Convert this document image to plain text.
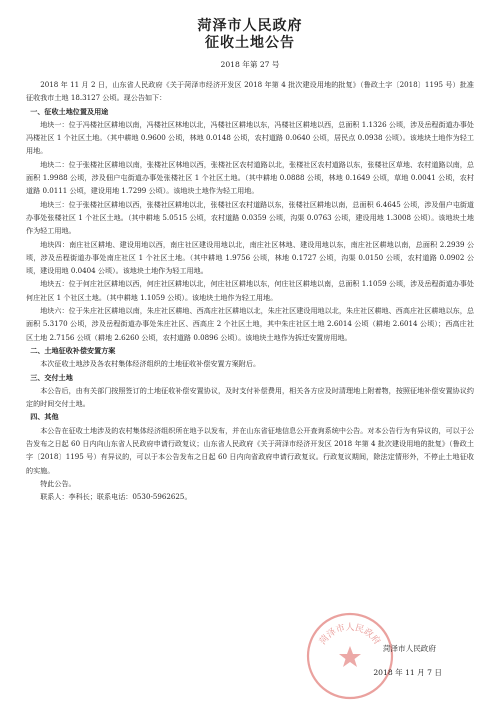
菏泽市人民政府
征收土地公告
2018 年第 27 号

2018 年 11 月 2 日，山东省人民政府《关于菏泽市经济开发区 2018 年第 4 批次建设用地的批复》（鲁政土字〔2018〕1195 号）批准征收我市土地 18.3127 公顷。现公告如下：

一、征收土地位置及用途

地块一：位于冯楼社区耕地以南，冯楼社区林地以北，冯楼社区耕地以东，冯楼社区耕地以西，总面积 1.1326 公顷，涉及岳程街道办事处冯楼社区 1 个社区土地。（其中耕地 0.9600 公顷，林地 0.0148 公顷，农村道路 0.0640 公顷，居民点 0.0938 公顷）。该地块土地作为轻工用地。

地块二：位于张楼社区耕地以南，张楼社区林地以西，张楼社区农村道路以北，张楼社区农村道路以东，张楼社区草地、农村道路以南，总面积 1.9988 公顷，涉及佃户屯街道办事处张楼社区 1 个社区土地。（其中耕地 0.0888 公顷，林地 0.1649 公顷，草地 0.0041 公顷，农村道路 0.0111 公顷，建设用地 1.7299 公顷）。该地块土地作为轻工用地。

地块三：位于张楼社区耕地以西，张楼社区耕地以北，张楼社区农村道路以东，张楼社区耕地以南，总面积 6.4645 公顷，涉及佃户屯街道办事处张楼社区 1 个社区土地。（其中耕地 5.0515 公顷，农村道路 0.0359 公顷，沟渠 0.0763 公顷，建设用地 1.3008 公顷）。该地块土地作为轻工用地。

地块四：南庄社区耕地、建设用地以西，南庄社区建设用地以北，南庄社区林地、建设用地以东，南庄社区耕地以南，总面积 2.2939 公顷，涉及岳程街道办事处南庄社区 1 个社区土地。（其中耕地 1.9756 公顷，林地 0.1727 公顷，沟渠 0.0150 公顷，农村道路 0.0902 公顷，建设用地 0.0404 公顷）。该地块土地作为轻工用地。

地块五：位于何庄社区耕地以西，何庄社区耕地以北，何庄社区耕地以东，何庄社区耕地以南，总面积 1.1059 公顷，涉及岳程街道办事处何庄社区 1 个社区土地。（其中耕地 1.1059 公顷）。该地块土地作为轻工用地。

地块六：位于朱庄社区耕地以南，朱庄社区耕地、西高庄社区耕地以北，朱庄社区建设用地以北，朱庄社区耕地、西高庄社区耕地以东，总面积 5.3170 公顷，涉及岳程街道办事处朱庄社区、西高庄 2 个社区土地，其中朱庄社区土地 2.6014 公顷（耕地 2.6014 公顷）；西高庄社区土地 2.7156 公顷（耕地 2.6260 公顷，农村道路 0.0896 公顷）。该地块土地作为拆迁安置房用地。

二、土地征收补偿安置方案

本次征收土地涉及各农村集体经济组织的土地征收补偿安置方案附后。

三、交付土地

本公告后，由有关部门按照签订的土地征收补偿安置协议，及时支付补偿费用，相关各方应及时清理地上附着物，按照征地补偿安置协议约定的时间交付土地。

四、其他

本公告在征收土地涉及的农村集体经济组织所在地予以发布，并在山东省征地信息公开查询系统中公告。对本公告行为有异议的，可以于公告发布之日起 60 日内向山东省人民政府申请行政复议；山东省人民政府《关于菏泽市经济开发区 2018 年第 4 批次建设用地的批复》（鲁政土字〔2018〕1195 号）有异议的，可以于本公告发布之日起 60 日内向省政府申请行政复议。行政复议期间，除法定情形外，不停止土地征收的实施。

特此公告。

联系人：李科长；联系电话：0530-5962625。

菏泽市人民政府
菏泽市人民政府
2018 年 11 月 7 日
